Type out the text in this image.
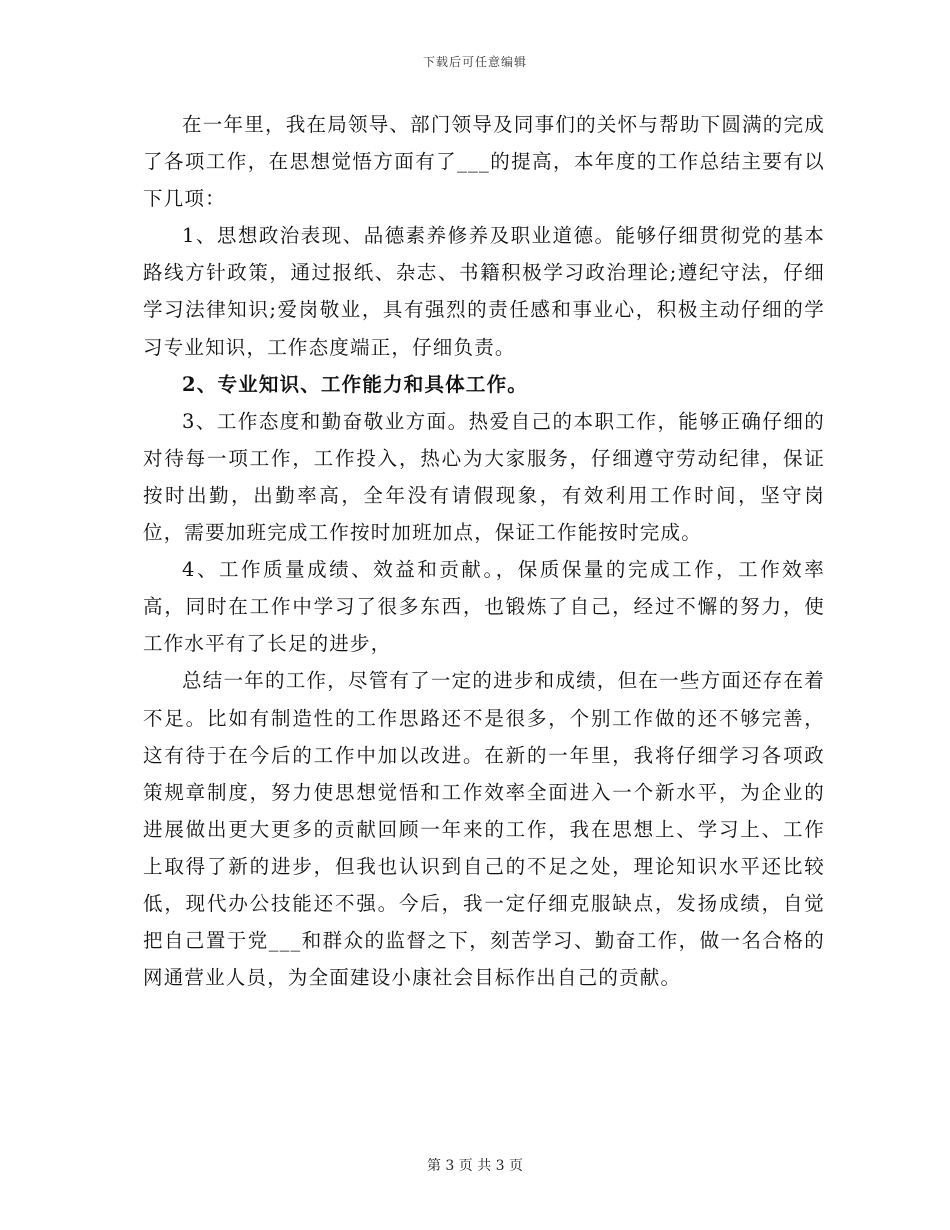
下载后可任意编辑

在一年里，我在局领导、部门领导及同事们的关怀与帮助下圆满的完成了各项工作，在思想觉悟方面有了___的提高，本年度的工作总结主要有以下几项：

1、思想政治表现、品德素养修养及职业道德。能够仔细贯彻党的基本路线方针政策，通过报纸、杂志、书籍积极学习政治理论;遵纪守法，仔细学习法律知识;爱岗敬业，具有强烈的责任感和事业心，积极主动仔细的学习专业知识，工作态度端正，仔细负责。

2、专业知识、工作能力和具体工作。

3、工作态度和勤奋敬业方面。热爱自己的本职工作，能够正确仔细的对待每一项工作，工作投入，热心为大家服务，仔细遵守劳动纪律，保证按时出勤，出勤率高，全年没有请假现象，有效利用工作时间，坚守岗位，需要加班完成工作按时加班加点，保证工作能按时完成。

4、工作质量成绩、效益和贡献。，保质保量的完成工作，工作效率高，同时在工作中学习了很多东西，也锻炼了自己，经过不懈的努力，使工作水平有了长足的进步，

总结一年的工作，尽管有了一定的进步和成绩，但在一些方面还存在着不足。比如有制造性的工作思路还不是很多，个别工作做的还不够完善，这有待于在今后的工作中加以改进。在新的一年里，我将仔细学习各项政策规章制度，努力使思想觉悟和工作效率全面进入一个新水平，为企业的进展做出更大更多的贡献回顾一年来的工作，我在思想上、学习上、工作上取得了新的进步，但我也认识到自己的不足之处，理论知识水平还比较低，现代办公技能还不强。今后，我一定仔细克服缺点，发扬成绩，自觉把自己置于党___和群众的监督之下，刻苦学习、勤奋工作，做一名合格的网通营业人员，为全面建设小康社会目标作出自己的贡献。

第 3 页 共 3 页
